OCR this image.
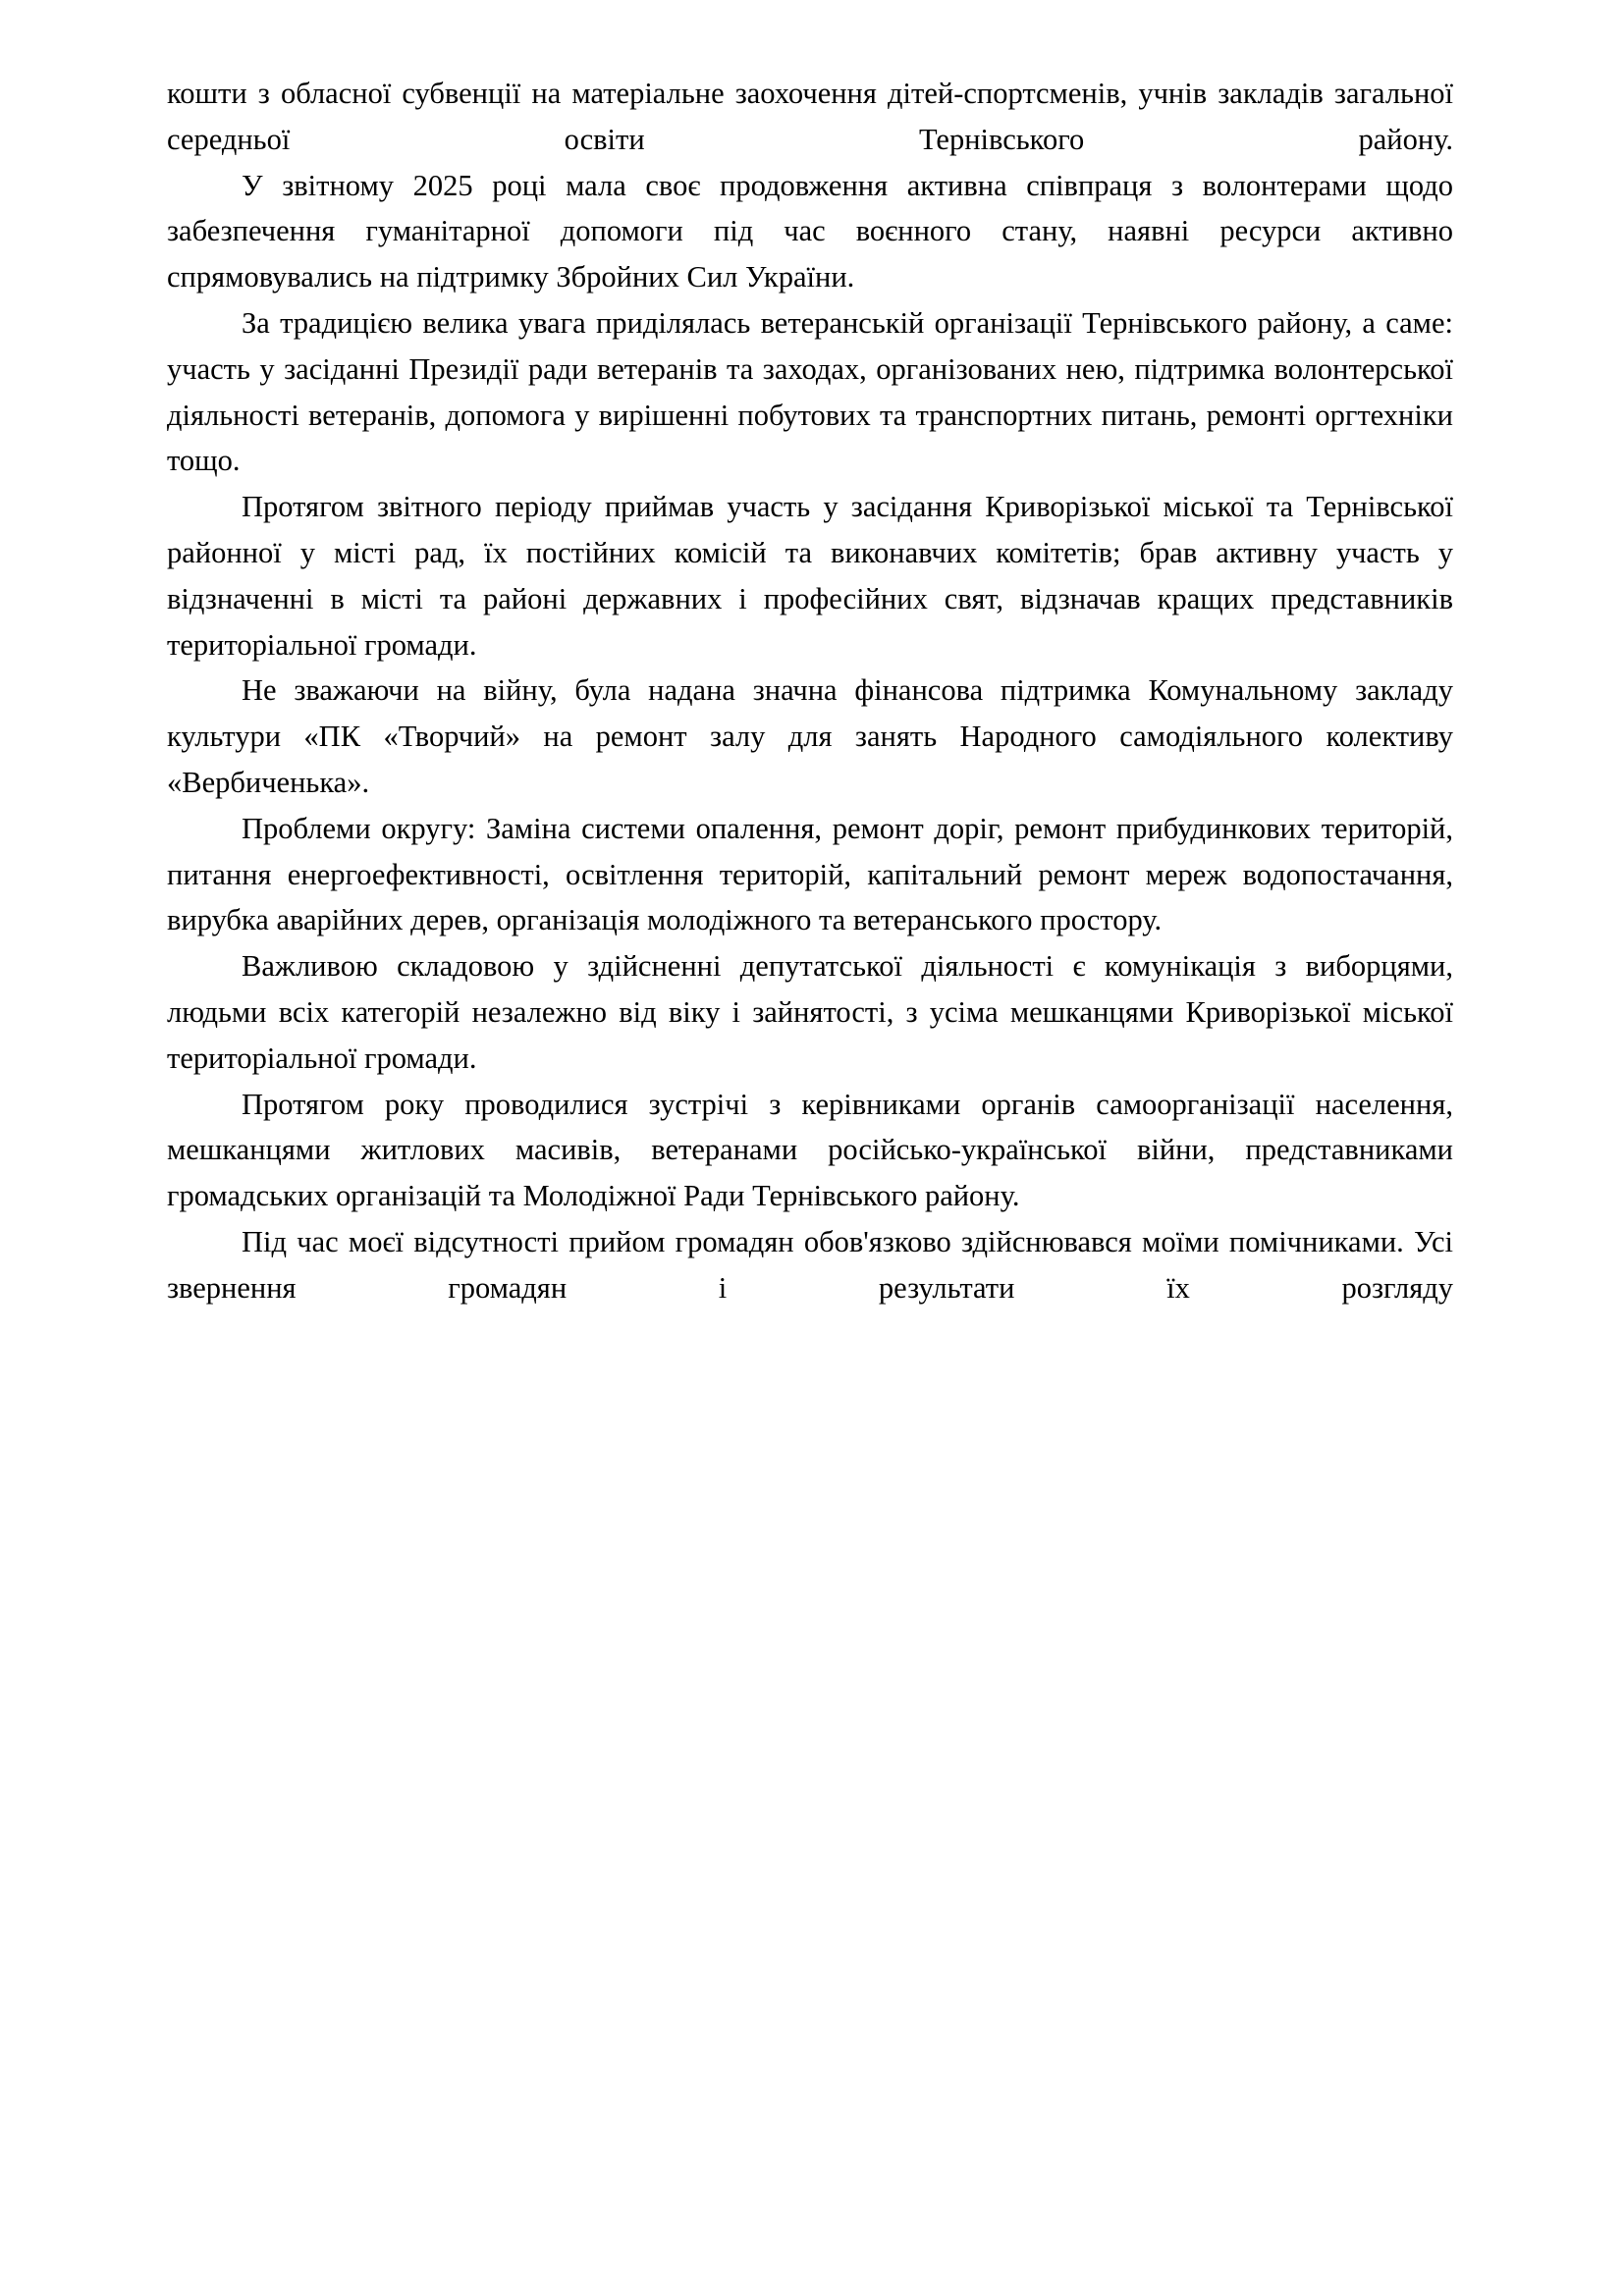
кошти з обласної субвенції на матеріальне заохочення дітей-спортсменів, учнів закладів загальної середньої освіти Тернівського району.

У звітному 2025 році мала своє продовження активна співпраця з волонтерами щодо забезпечення гуманітарної допомоги під час воєнного стану, наявні ресурси активно спрямовувались на підтримку Збройних Сил України.

За традицією велика увага приділялась ветеранській організації Тернівського району, а саме: участь у засіданні Президії ради ветеранів та заходах, організованих нею, підтримка волонтерської діяльності ветеранів, допомога у вирішенні побутових та транспортних питань, ремонті оргтехніки тощо.

Протягом звітного періоду приймав участь у засідання Криворізької міської та Тернівської районної у місті рад, їх постійних комісій та виконавчих комітетів; брав активну участь у відзначенні в місті та районі державних і професійних свят, відзначав кращих представників територіальної громади.

Не зважаючи на війну, була надана значна фінансова підтримка Комунальному закладу культури «ПК «Творчий» на ремонт залу для занять Народного самодіяльного колективу «Вербиченька».

Проблеми округу: Заміна системи опалення, ремонт доріг, ремонт прибудинкових територій, питання енергоефективності, освітлення територій, капітальний ремонт мереж водопостачання, вирубка аварійних дерев, організація молодіжного та ветеранського простору.

Важливою складовою у здійсненні депутатської діяльності є комунікація з виборцями, людьми всіх категорій незалежно від віку і зайнятості, з усіма мешканцями Криворізької міської територіальної громади.

Протягом року проводилися зустрічі з керівниками органів самоорганізації населення, мешканцями житлових масивів, ветеранами російсько-української війни, представниками громадських організацій та Молодіжної Ради Тернівського району.

Під час моєї відсутності прийом громадян обов'язково здійснювався моїми помічниками. Усі звернення громадян і результати їх розгляду
